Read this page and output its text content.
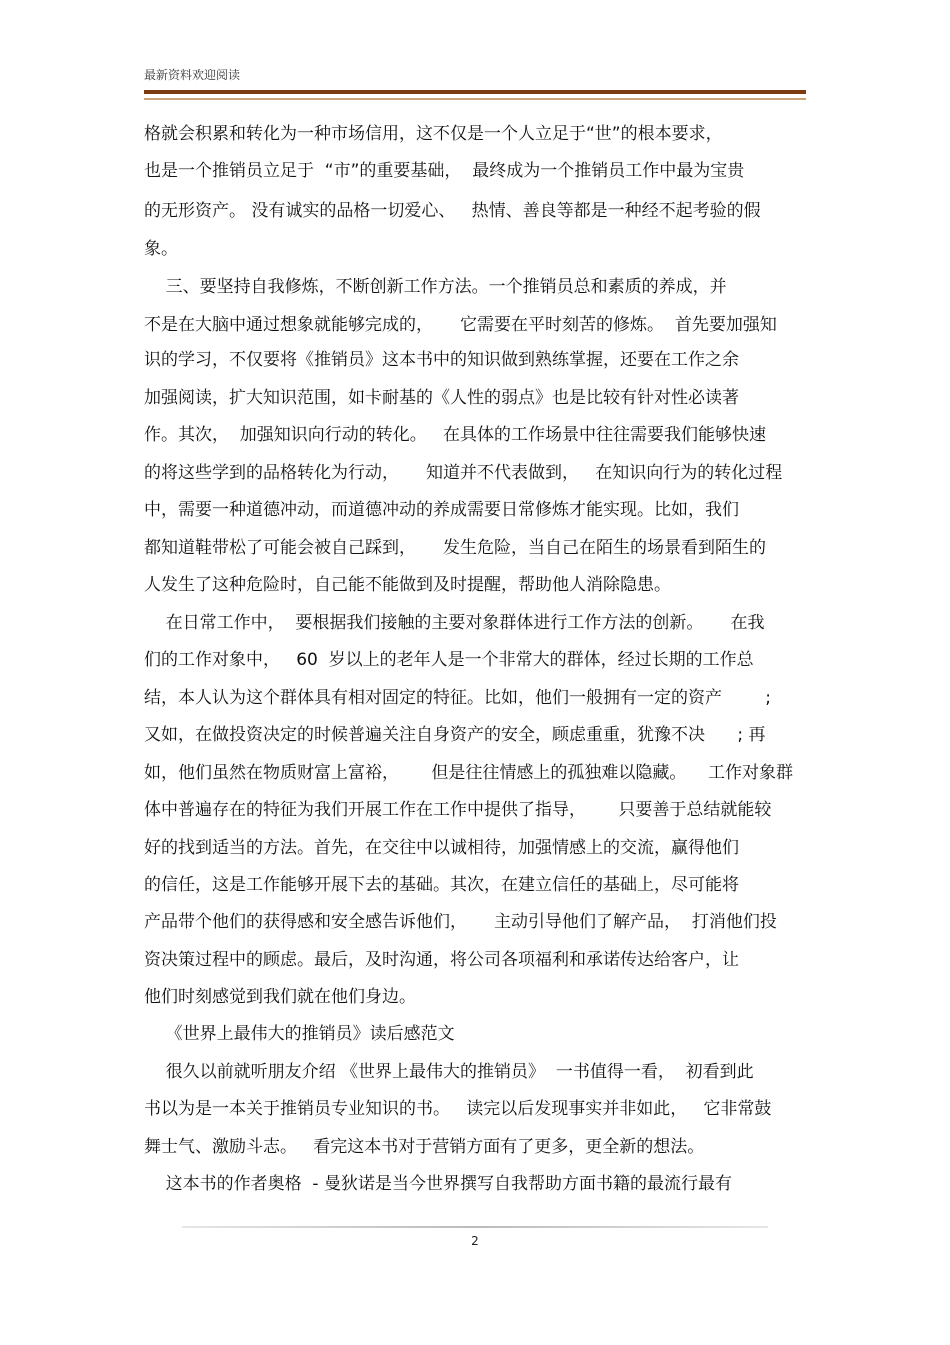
最新资料欢迎阅读
格就会积累和转化为一种市场信用，这不仅是一个人立足于“世”的根本要求，
也是一个推销员立足于  “市”的重要基础，  最终成为一个推销员工作中最为宝贵
的无形资产。 没有诚实的品格一切爱心、   热情、善良等都是一种经不起考验的假
象。
三、要坚持自我修炼，不断创新工作方法。一个推销员总和素质的养成，并
不是在大脑中通过想象就能够完成的，     它需要在平时刻苦的修炼。  首先要加强知
识的学习，不仅要将《推销员》这本书中的知识做到熟练掌握，还要在工作之余
加强阅读，扩大知识范围，如卡耐基的《人性的弱点》也是比较有针对性必读著
作。其次，  加强知识向行动的转化。   在具体的工作场景中往往需要我们能够快速
的将这些学到的品格转化为行动，     知道并不代表做到，   在知识向行为的转化过程
中，需要一种道德冲动，而道德冲动的养成需要日常修炼才能实现。比如，我们
都知道鞋带松了可能会被自己踩到，     发生危险，当自己在陌生的场景看到陌生的
人发生了这种危险时，自己能不能做到及时提醒，帮助他人消除隐患。
在日常工作中，  要根据我们接触的主要对象群体进行工作方法的创新。     在我
们的工作对象中，   60  岁以上的老年人是一个非常大的群体，经过长期的工作总
结，本人认为这个群体具有相对固定的特征。比如，他们一般拥有一定的资产        ;
又如，在做投资决定的时候普遍关注自身资产的安全，顾虑重重，犹豫不决      ; 再
如，他们虽然在物质财富上富裕，      但是往往情感上的孤独难以隐藏。    工作对象群
体中普遍存在的特征为我们开展工作在工作中提供了指导，      只要善于总结就能较
好的找到适当的方法。首先，在交往中以诚相待，加强情感上的交流，赢得他们
的信任，这是工作能够开展下去的基础。其次，在建立信任的基础上，尽可能将
产品带个他们的获得感和安全感告诉他们，     主动引导他们了解产品，  打消他们投
资决策过程中的顾虑。最后，及时沟通，将公司各项福利和承诺传达给客户，让
他们时刻感觉到我们就在他们身边。
《世界上最伟大的推销员》读后感范文
很久以前就听朋友介绍 《世界上最伟大的推销员》  一书值得一看，  初看到此
书以为是一本关于推销员专业知识的书。   读完以后发现事实并非如此，   它非常鼓
舞士气、激励斗志。   看完这本书对于营销方面有了更多，更全新的想法。
这本书的作者奥格  - 曼狄诺是当今世界撰写自我帮助方面书籍的最流行最有
2
